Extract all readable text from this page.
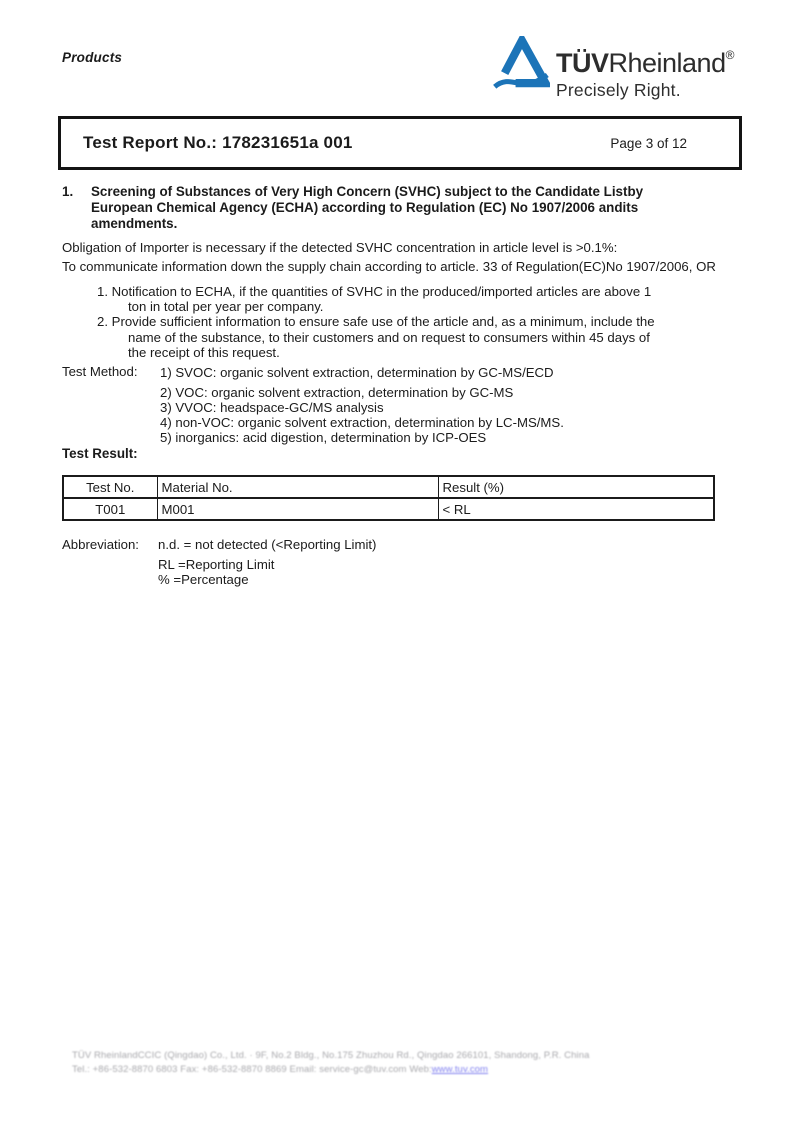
Products	TÜVRheinland®
Precisely Right.
Test Report No.: 178231651a 001	Page 3 of 12
1.	Screening of Substances of Very High Concern (SVHC) subject to the Candidate Listby European Chemical Agency (ECHA) according to Regulation (EC) No 1907/2006 andits amendments.
Obligation of Importer is necessary if the detected SVHC concentration in article level is >0.1%:
To communicate information down the supply chain according to article. 33 of Regulation(EC)No 1907/2006, OR
1. Notification to ECHA, if the quantities of SVHC in the produced/imported articles are above 1 ton in total per year per company.
2. Provide sufficient information to ensure safe use of the article and, as a minimum, include the name of the substance, to their customers and on request to consumers within 45 days of the receipt of this request.
Test Method: 1) SVOC: organic solvent extraction, determination by GC-MS/ECD
2) VOC: organic solvent extraction, determination by GC-MS
3) VVOC: headspace-GC/MS analysis
4) non-VOC: organic solvent extraction, determination by LC-MS/MS.
5) inorganics: acid digestion, determination by ICP-OES
Test Result:
Test No.	Material No.	Result (%)
T001	M001	< RL
Abbreviation: n.d. = not detected (<Reporting Limit)
RL =Reporting Limit
% =Percentage
TÜV RheinlandCCIC (Qingdao) Co., Ltd. · 9F, No.2 Bldg., No.175 Zhuzhou Rd., Qingdao 266101, Shandong, P.R. China
Tel.: +86-532-8870 6803 Fax: +86-532-8870 8869 Email: service-gc@tuv.com Web:www.tuv.com
